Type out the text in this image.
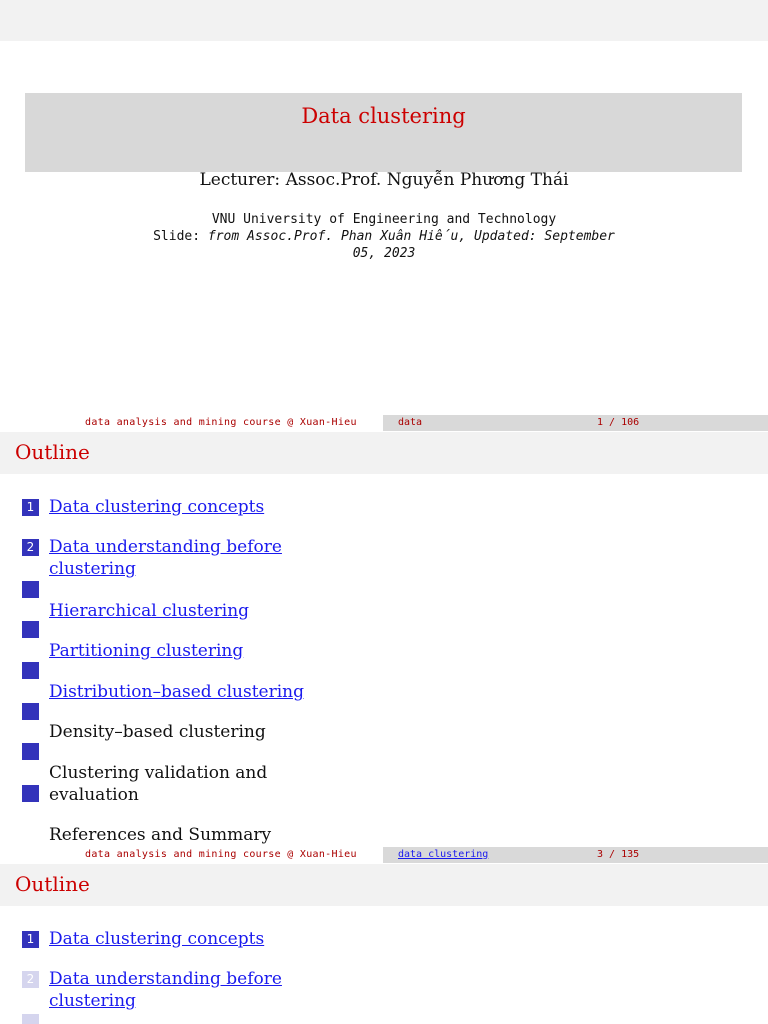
Data clustering
Lecturer: Assoc.Prof. Nguyễn Phương Thái
VNU University of Engineering and Technology
Slide: from Assoc.Prof. Phan Xuân Hiếu, Updated: September 05, 2023
data analysis and mining course @ Xuan-Hieu	data	1 / 106
Outline
1 Data clustering concepts
2 Data understanding before
clustering
Hierarchical clustering
Partitioning clustering
Distribution–based clustering
Density–based clustering
Clustering validation and
evaluation
References and Summary
data analysis and mining course @ Xuan-Hieu	data clustering	3 / 135
Outline
1 Data clustering concepts
2 Data understanding before
clustering
